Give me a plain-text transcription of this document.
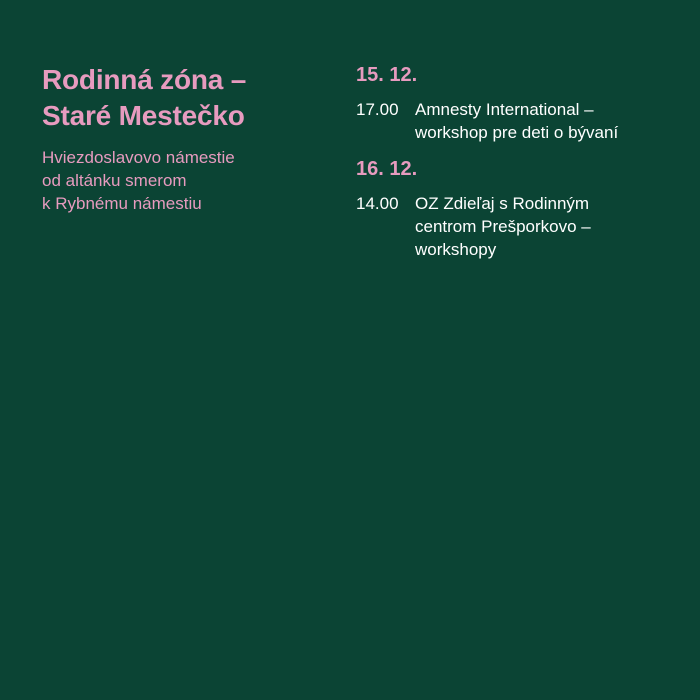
Rodinná zóna –
Staré Mestečko
Hviezdoslavovo námestie
od altánku smerom
k Rybnému námestiu
15. 12.
17.00 Amnesty International –
workshop pre deti o bývaní
16. 12.
14.00 OZ Zdieľaj s Rodinným
centrom Prešporkovo –
workshopy
